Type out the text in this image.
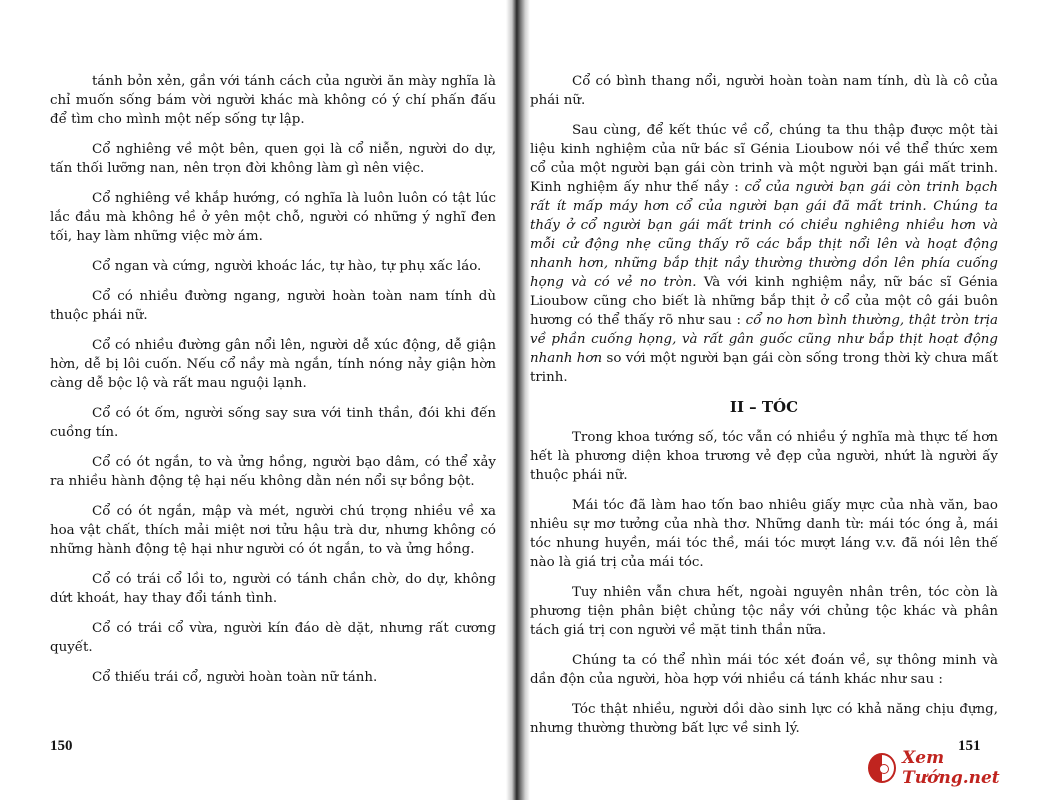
tánh bỏn xẻn, gần với tánh cách của người ăn mày nghĩa là chỉ muốn sống bám vời người khác mà không có ý chí phấn đấu để tìm cho mình một nếp sống tự lập.

Cổ nghiêng về một bên, quen gọi là cổ niễn, người do dự, tấn thối lưỡng nan, nên trọn đời không làm gì nên việc.

Cổ nghiêng về khắp hướng, có nghĩa là luôn luôn có tật lúc lắc đầu mà không hề ở yên một chỗ, người có những ý nghĩ đen tối, hay làm những việc mờ ám.

Cổ ngan và cứng, người khoác lác, tự hào, tự phụ xấc láo.

Cổ có nhiều đường ngang, người hoàn toàn nam tính dù thuộc phái nữ.

Cổ có nhiều đường gân nổi lên, người dễ xúc động, dễ giận hờn, dễ bị lôi cuốn. Nếu cổ nầy mà ngắn, tính nóng nảy giận hờn càng dễ bộc lộ và rất mau nguội lạnh.

Cổ có ót ốm, người sống say sưa với tinh thần, đói khi đến cuồng tín.

Cổ có ót ngắn, to và ửng hồng, người bạo dâm, có thể xảy ra nhiều hành động tệ hại nếu không dằn nén nổi sự bồng bột.

Cổ có ót ngắn, mập và mét, người chú trọng nhiều về xa hoa vật chất, thích mải miệt nơi tửu hậu trà dư, nhưng không có những hành động tệ hại như người có ót ngắn, to và ửng hồng.

Cổ có trái cổ lồi to, người có tánh chần chờ, do dự, không dứt khoát, hay thay đổi tánh tình.

Cổ có trái cổ vừa, người kín đáo dè dặt, nhưng rất cương quyết.

Cổ thiếu trái cổ, người hoàn toàn nữ tánh.

150

Cổ có bình thang nổi, người hoàn toàn nam tính, dù là cô của phái nữ.

Sau cùng, để kết thúc về cổ, chúng ta thu thập được một tài liệu kinh nghiệm của nữ bác sĩ Génia Lioubow nói về thể thức xem cổ của một người bạn gái còn trinh và một người bạn gái mất trinh. Kinh nghiệm ấy như thế nầy : cổ của người bạn gái còn trinh bạch rất ít mấp máy hơn cổ của người bạn gái đã mất trinh. Chúng ta thấy ở cổ người bạn gái mất trinh có chiều nghiêng nhiều hơn và mỗi cử động nhẹ cũng thấy rõ các bắp thịt nổi lên và hoạt động nhanh hơn, những bắp thịt nầy thường thường dồn lên phía cuống họng và có vẻ no tròn. Và với kinh nghiệm nầy, nữ bác sĩ Génia Lioubow cũng cho biết là những bắp thịt ở cổ của một cô gái buôn hương có thể thấy rõ như sau : cổ no hơn bình thường, thật tròn trịa về phần cuống họng, và rất gân guốc cũng như bắp thịt hoạt động nhanh hơn so với một người bạn gái còn sống trong thời kỳ chưa mất trinh.

II – TÓC

Trong khoa tướng số, tóc vẫn có nhiều ý nghĩa mà thực tế hơn hết là phương diện khoa trương vẻ đẹp của người, nhứt là người ấy thuộc phái nữ.

Mái tóc đã làm hao tốn bao nhiêu giấy mực của nhà văn, bao nhiêu sự mơ tưởng của nhà thơ. Những danh từ: mái tóc óng ả, mái tóc nhung huyền, mái tóc thề, mái tóc mượt láng v.v. đã nói lên thế nào là giá trị của mái tóc.

Tuy nhiên vẫn chưa hết, ngoài nguyên nhân trên, tóc còn là phương tiện phân biệt chủng tộc nầy với chủng tộc khác và phân tách giá trị con người về mặt tinh thần nữa.

Chúng ta có thể nhìn mái tóc xét đoán về, sự thông minh và dần độn của người, hòa hợp với nhiều cá tánh khác như sau :

Tóc thật nhiều, người dồi dào sinh lực có khả năng chịu đựng, nhưng thường thường bất lực về sinh lý.

151
Xem Tướng.net
